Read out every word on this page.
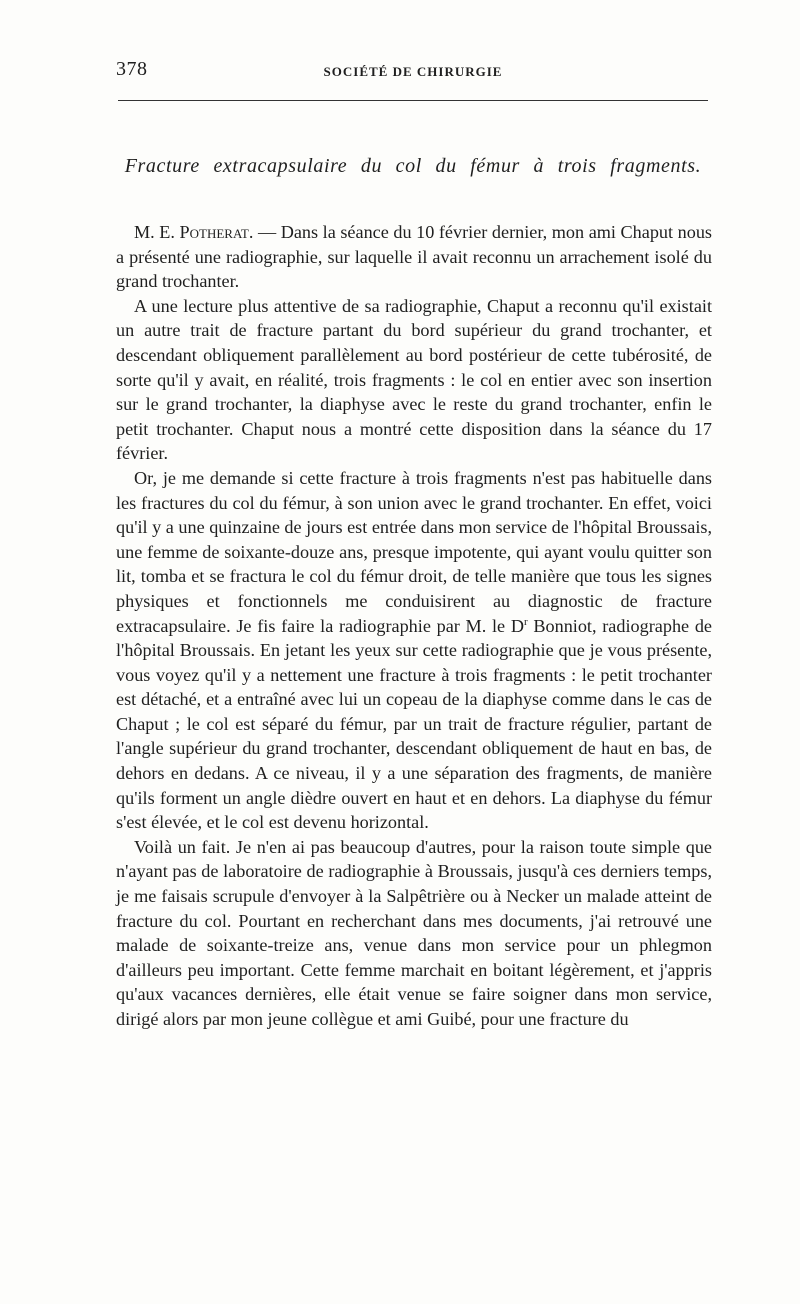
378	SOCIÉTÉ DE CHIRURGIE
Fracture extracapsulaire du col du fémur à trois fragments.

M. E. Potherat. — Dans la séance du 10 février dernier, mon ami Chaput nous a présenté une radiographie, sur laquelle il avait reconnu un arrachement isolé du grand trochanter.

A une lecture plus attentive de sa radiographie, Chaput a reconnu qu'il existait un autre trait de fracture partant du bord supérieur du grand trochanter, et descendant obliquement parallèlement au bord postérieur de cette tubérosité, de sorte qu'il y avait, en réalité, trois fragments : le col en entier avec son insertion sur le grand trochanter, la diaphyse avec le reste du grand trochanter, enfin le petit trochanter. Chaput nous a montré cette disposition dans la séance du 17 février.

Or, je me demande si cette fracture à trois fragments n'est pas habituelle dans les fractures du col du fémur, à son union avec le grand trochanter. En effet, voici qu'il y a une quinzaine de jours est entrée dans mon service de l'hôpital Broussais, une femme de soixante-douze ans, presque impotente, qui ayant voulu quitter son lit, tomba et se fractura le col du fémur droit, de telle manière que tous les signes physiques et fonctionnels me conduisirent au diagnostic de fracture extracapsulaire. Je fis faire la radiographie par M. le $D^r$ Bonniot, radiographe de l'hôpital Broussais. En jetant les yeux sur cette radiographie que je vous présente, vous voyez qu'il y a nettement une fracture à trois fragments : le petit trochanter est détaché, et a entraîné avec lui un copeau de la diaphyse comme dans le cas de Chaput ; le col est séparé du fémur, par un trait de fracture régulier, partant de l'angle supérieur du grand trochanter, descendant obliquement de haut en bas, de dehors en dedans. A ce niveau, il y a une séparation des fragments, de manière qu'ils forment un angle dièdre ouvert en haut et en dehors. La diaphyse du fémur s'est élevée, et le col est devenu horizontal.

Voilà un fait. Je n'en ai pas beaucoup d'autres, pour la raison toute simple que n'ayant pas de laboratoire de radiographie à Broussais, jusqu'à ces derniers temps, je me faisais scrupule d'envoyer à la Salpêtrière ou à Necker un malade atteint de fracture du col. Pourtant en recherchant dans mes documents, j'ai retrouvé une malade de soixante-treize ans, venue dans mon service pour un phlegmon d'ailleurs peu important. Cette femme marchait en boitant légèrement, et j'appris qu'aux vacances dernières, elle était venue se faire soigner dans mon service, dirigé alors par mon jeune collègue et ami Guibé, pour une fracture du
